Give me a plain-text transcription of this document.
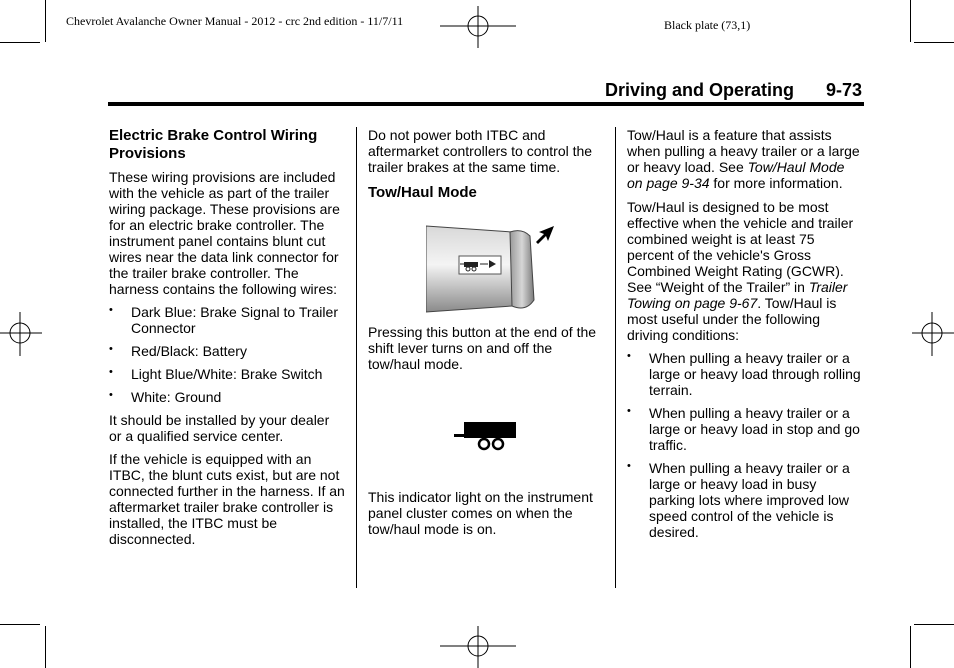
Chevrolet Avalanche Owner Manual - 2012 - crc 2nd edition - 11/7/11	Black plate (73,1)
Driving and Operating 9-73
Electric Brake Control Wiring Provisions

These wiring provisions are included with the vehicle as part of the trailer wiring package. These provisions are for an electric brake controller. The instrument panel contains blunt cut wires near the data link connector for the trailer brake controller. The harness contains the following wires:

• Dark Blue: Brake Signal to Trailer Connector
• Red/Black: Battery
• Light Blue/White: Brake Switch
• White: Ground

It should be installed by your dealer or a qualified service center.

If the vehicle is equipped with an ITBC, the blunt cuts exist, but are not connected further in the harness. If an aftermarket trailer brake controller is installed, the ITBC must be disconnected.

Do not power both ITBC and aftermarket controllers to control the trailer brakes at the same time.

Tow/Haul Mode

Pressing this button at the end of the shift lever turns on and off the tow/haul mode.

This indicator light on the instrument panel cluster comes on when the tow/haul mode is on.

Tow/Haul is a feature that assists when pulling a heavy trailer or a large or heavy load. See Tow/Haul Mode on page 9-34 for more information.

Tow/Haul is designed to be most effective when the vehicle and trailer combined weight is at least 75 percent of the vehicle's Gross Combined Weight Rating (GCWR). See “Weight of the Trailer” in Trailer Towing on page 9-67. Tow/Haul is most useful under the following driving conditions:

• When pulling a heavy trailer or a large or heavy load through rolling terrain.
• When pulling a heavy trailer or a large or heavy load in stop and go traffic.
• When pulling a heavy trailer or a large or heavy load in busy parking lots where improved low speed control of the vehicle is desired.
